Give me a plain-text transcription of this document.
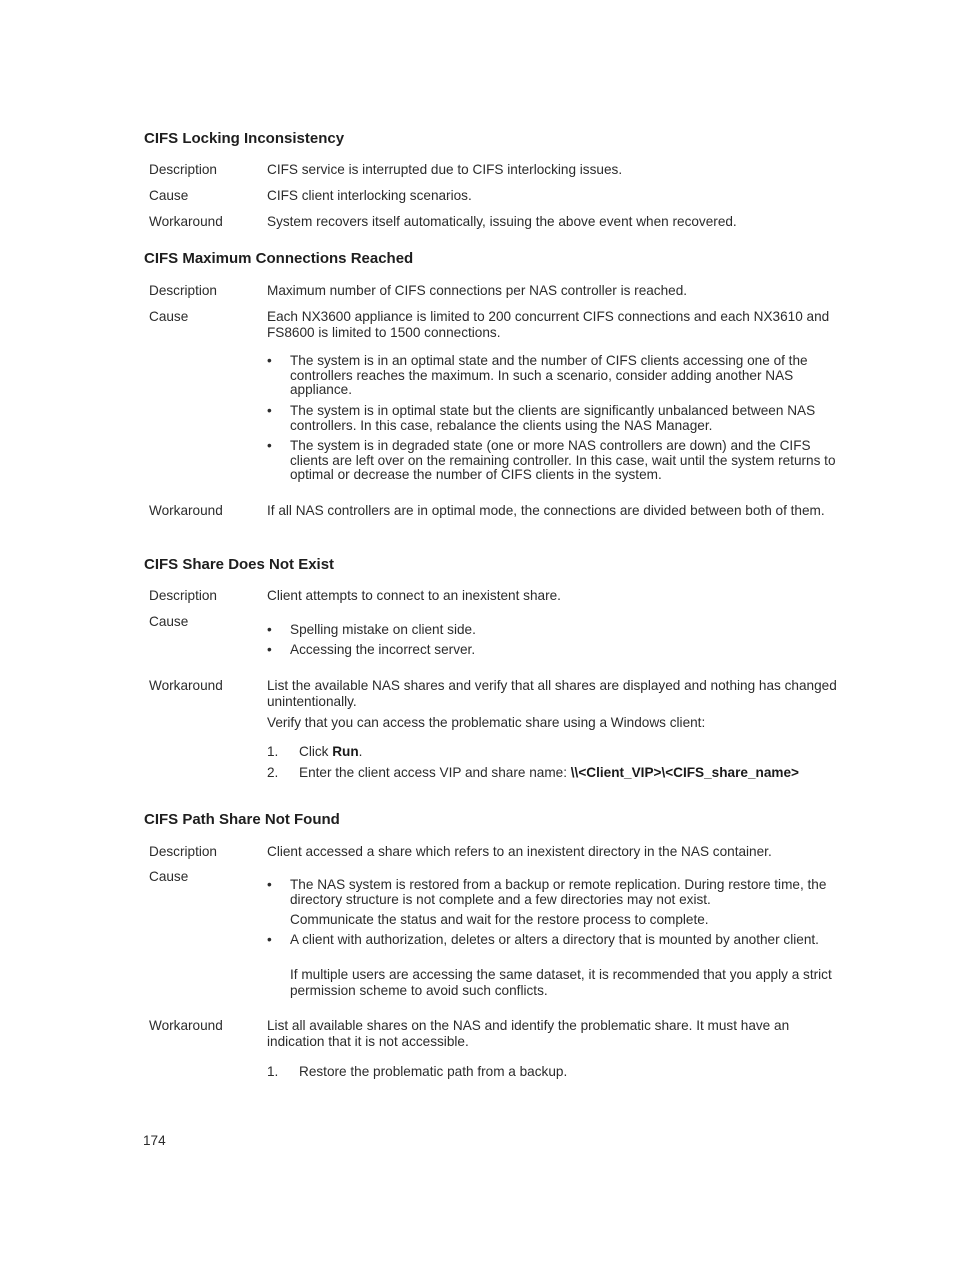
CIFS Locking Inconsistency

Description	CIFS service is interrupted due to CIFS interlocking issues.

Cause	CIFS client interlocking scenarios.

Workaround	System recovers itself automatically, issuing the above event when recovered.

CIFS Maximum Connections Reached

Description	Maximum number of CIFS connections per NAS controller is reached.

Cause	Each NX3600 appliance is limited to 200 concurrent CIFS connections and each NX3610 and FS8600 is limited to 1500 connections.

• The system is in an optimal state and the number of CIFS clients accessing one of the controllers reaches the maximum. In such a scenario, consider adding another NAS appliance.
• The system is in optimal state but the clients are significantly unbalanced between NAS controllers. In this case, rebalance the clients using the NAS Manager.
• The system is in degraded state (one or more NAS controllers are down) and the CIFS clients are left over on the remaining controller. In this case, wait until the system returns to optimal or decrease the number of CIFS clients in the system.

Workaround	If all NAS controllers are in optimal mode, the connections are divided between both of them.

CIFS Share Does Not Exist

Description	Client attempts to connect to an inexistent share.

Cause

• Spelling mistake on client side.
• Accessing the incorrect server.

Workaround	List the available NAS shares and verify that all shares are displayed and nothing has changed unintentionally.

Verify that you can access the problematic share using a Windows client:

1. Click Run.
2. Enter the client access VIP and share name: \\<Client_VIP>\<CIFS_share_name>
CIFS Path Share Not Found

Description	Client accessed a share which refers to an inexistent directory in the NAS container.

Cause

• The NAS system is restored from a backup or remote replication. During restore time, the directory structure is not complete and a few directories may not exist.

Communicate the status and wait for the restore process to complete.

• A client with authorization, deletes or alters a directory that is mounted by another client.

If multiple users are accessing the same dataset, it is recommended that you apply a strict permission scheme to avoid such conflicts.

Workaround	List all available shares on the NAS and identify the problematic share. It must have an indication that it is not accessible.

1. Restore the problematic path from a backup.

174
